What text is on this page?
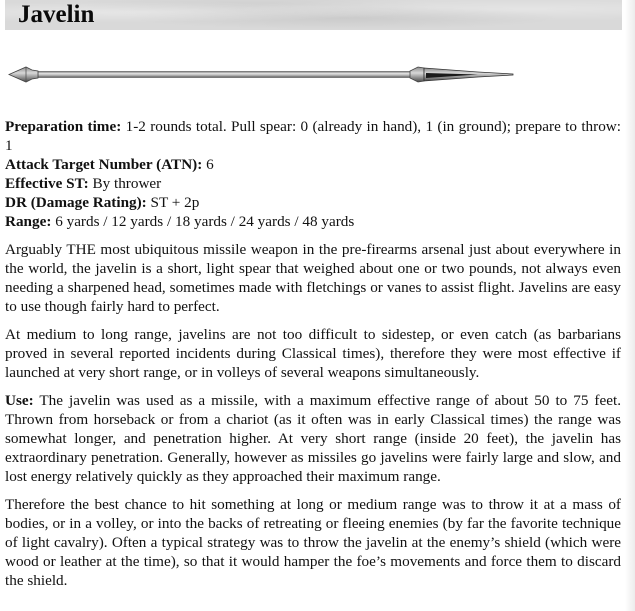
Javelin

Preparation time: 1-2 rounds total. Pull spear: 0 (already in hand), 1 (in ground); prepare to throw: 1

Attack Target Number (ATN): 6

Effective ST: By thrower

DR (Damage Rating): ST + 2p

Range: 6 yards / 12 yards / 18 yards / 24 yards / 48 yards

Arguably THE most ubiquitous missile weapon in the pre-firearms arsenal just about everywhere in the world, the javelin is a short, light spear that weighed about one or two pounds, not always even needing a sharpened head, sometimes made with fletchings or vanes to assist flight. Javelins are easy to use though fairly hard to perfect.

At medium to long range, javelins are not too difficult to sidestep, or even catch (as barbarians proved in several reported incidents during Classical times), therefore they were most effective if launched at very short range, or in volleys of several weapons simultaneously.

Use: The javelin was used as a missile, with a maximum effective range of about 50 to 75 feet. Thrown from horseback or from a chariot (as it often was in early Classical times) the range was somewhat longer, and penetration higher. At very short range (inside 20 feet), the javelin has extraordinary penetration. Generally, however as missiles go javelins were fairly large and slow, and lost energy relatively quickly as they approached their maximum range.

Therefore the best chance to hit something at long or medium range was to throw it at a mass of bodies, or in a volley, or into the backs of retreating or fleeing enemies (by far the favorite technique of light cavalry). Often a typical strategy was to throw the javelin at the enemy’s shield (which were wood or leather at the time), so that it would hamper the foe’s movements and force them to discard the shield.
